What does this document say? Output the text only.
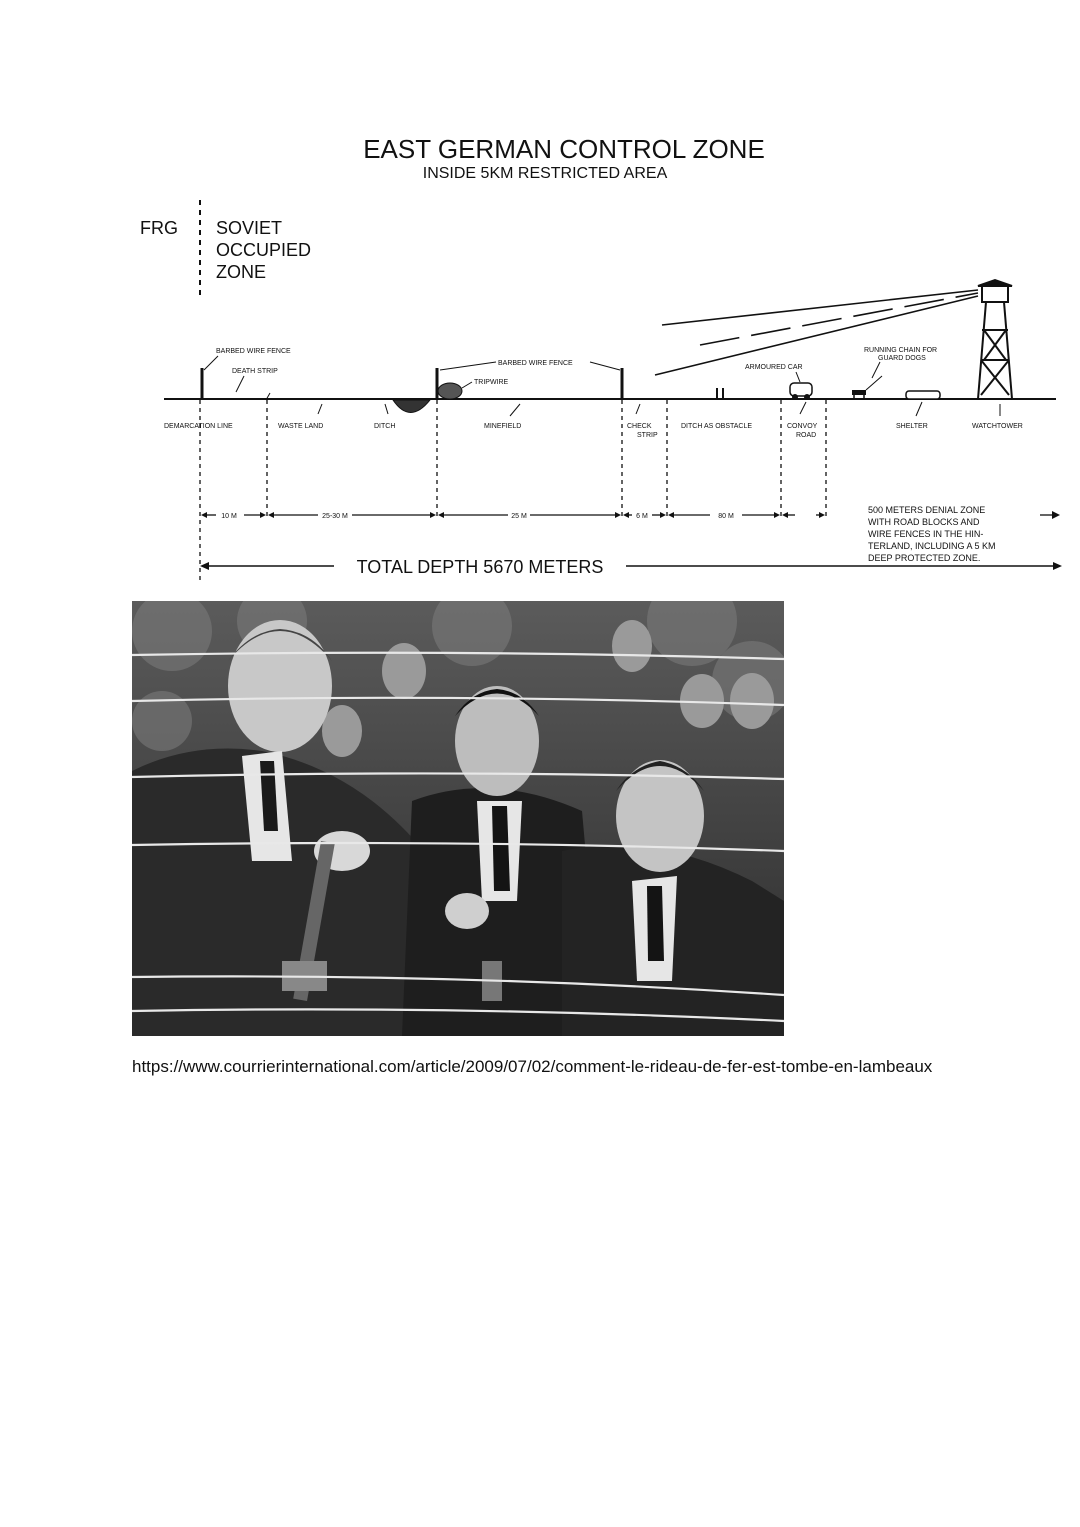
EAST GERMAN CONTROL ZONE
INSIDE 5KM RESTRICTED AREA
FRG SOVIET
OCCUPIED
ZONE
BARBED WIRE FENCE
DEATH STRIP
BARBED WIRE FENCE
TRIPWIRE
ARMOURED CAR
RUNNING CHAIN FOR
GUARD DOGS
DEMARCATION LINE	WASTE LAND	DITCH	MINEFIELD	CHECK
STRIP
DITCH AS OBSTACLE	CONVOY
ROAD
SHELTER	WATCHTOWER
10 M	25-30 M	25 M	6 M	80 M
500 METERS DENIAL ZONE
WITH ROAD BLOCKS AND
WIRE FENCES IN THE HIN-
TERLAND, INCLUDING A 5 KM
DEEP PROTECTED ZONE.
TOTAL DEPTH 5670 METERS
https://www.courrierinternational.com/article/2009/07/02/comment-le-rideau-de-fer-est-tombe-en-lambeaux
